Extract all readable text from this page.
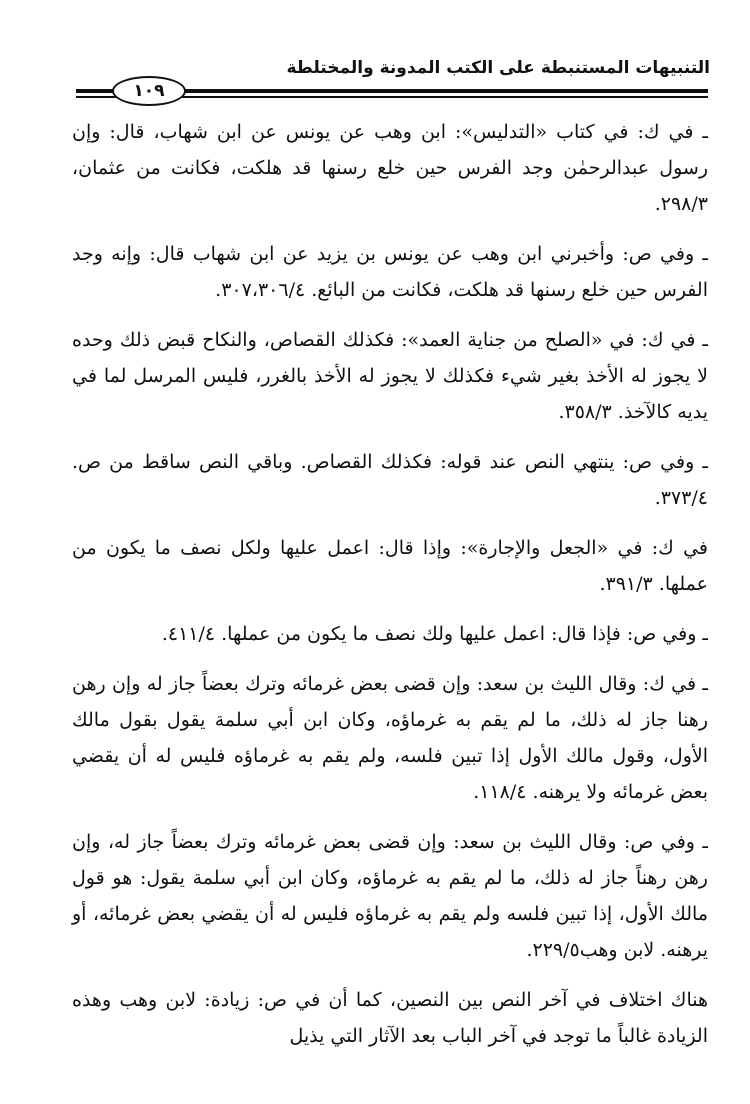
التنبيهات المستنبطة على الكتب المدونة والمختلطة
١٠٩

ـ في ك: في كتاب «التدليس»: ابن وهب عن يونس عن ابن شهاب، قال: وإن رسول عبدالرحمٰن وجد الفرس حين خلع رسنها قد هلكت، فكانت من عثمان، ٢٩٨/٣.

ـ وفي ص: وأخبرني ابن وهب عن يونس بن يزيد عن ابن شهاب قال: وإنه وجد الفرس حين خلع رسنها قد هلكت، فكانت من البائع. ٣٠٧،٣٠٦/٤.

ـ في ك: في «الصلح من جناية العمد»: فكذلك القصاص، والنكاح قبض ذلك وحده لا يجوز له الأخذ بغير شيء فكذلك لا يجوز له الأخذ بالغرر، فليس المرسل لما في يديه كالآخذ. ٣٥٨/٣.

ـ وفي ص: ينتهي النص عند قوله: فكذلك القصاص. وباقي النص ساقط من ص. ٣٧٣/٤.

في ك: في «الجعل والإجارة»: وإذا قال: اعمل عليها ولكل نصف ما يكون من عملها. ٣٩١/٣.

ـ وفي ص: فإذا قال: اعمل عليها ولك نصف ما يكون من عملها. ٤١١/٤.

ـ في ك: وقال الليث بن سعد: وإن قضى بعض غرمائه وترك بعضاً جاز له وإن رهن رهنا جاز له ذلك، ما لم يقم به غرماؤه، وكان ابن أبي سلمة يقول بقول مالك الأول، وقول مالك الأول إذا تبين فلسه، ولم يقم به غرماؤه فليس له أن يقضي بعض غرمائه ولا يرهنه. ١١٨/٤.

ـ وفي ص: وقال الليث بن سعد: وإن قضى بعض غرمائه وترك بعضاً جاز له، وإن رهن رهناً جاز له ذلك، ما لم يقم به غرماؤه، وكان ابن أبي سلمة يقول: هو قول مالك الأول، إذا تبين فلسه ولم يقم به غرماؤه فليس له أن يقضي بعض غرمائه، أو يرهنه. لابن وهب٢٢٩/٥.

هناك اختلاف في آخر النص بين النصين، كما أن في ص: زيادة: لابن وهب وهذه الزيادة غالباً ما توجد في آخر الباب بعد الآثار التي يذيل
